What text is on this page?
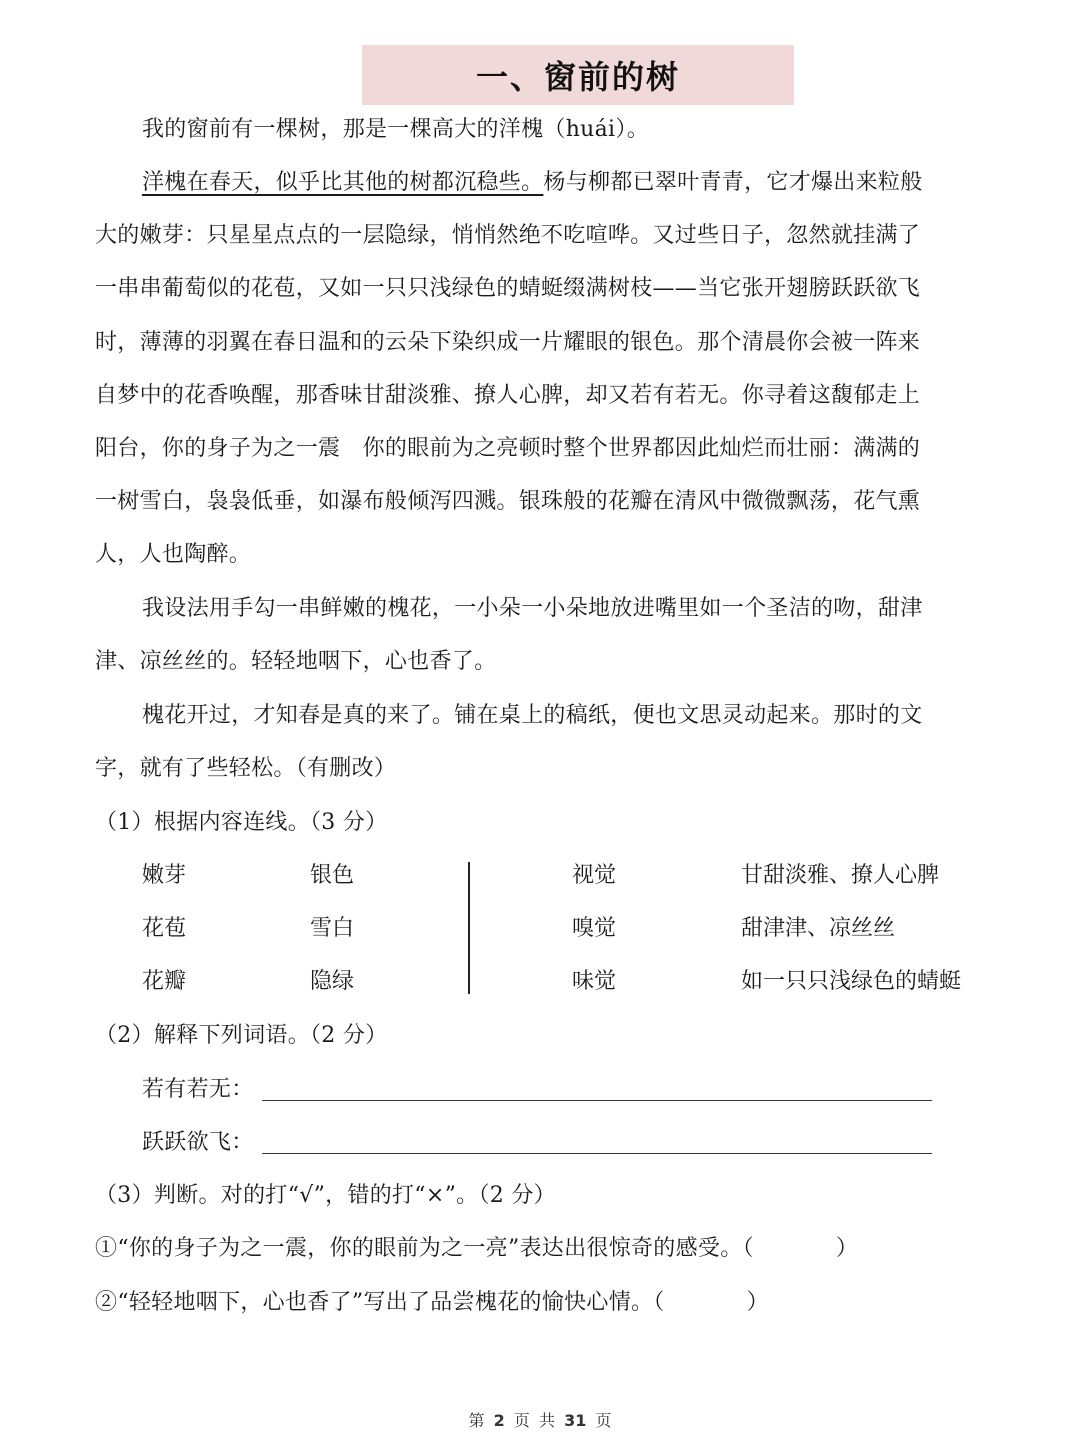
一、窗前的树
我的窗前有一棵树，那是一棵高大的洋槐（huái）。
洋槐在春天，似乎比其他的树都沉稳些。杨与柳都已翠叶青青，它才爆出来粒般
大的嫩芽：只星星点点的一层隐绿，悄悄然绝不吃喧哗。又过些日子，忽然就挂满了
一串串葡萄似的花苞，又如一只只浅绿色的蜻蜓缀满树枝——当它张开翅膀跃跃欲飞
时，薄薄的羽翼在春日温和的云朵下染织成一片耀眼的银色。那个清晨你会被一阵来
自梦中的花香唤醒，那香味甘甜淡雅、撩人心脾，却又若有若无。你寻着这馥郁走上
阳台，你的身子为之一震　你的眼前为之亮顿时整个世界都因此灿烂而壮丽：满满的
一树雪白，袅袅低垂，如瀑布般倾泻四溅。银珠般的花瓣在清风中微微飘荡，花气熏
人，人也陶醉。
我设法用手勾一串鲜嫩的槐花，一小朵一小朵地放进嘴里如一个圣洁的吻，甜津
津、凉丝丝的。轻轻地咽下，心也香了。
槐花开过，才知春是真的来了。铺在桌上的稿纸，便也文思灵动起来。那时的文
字，就有了些轻松。（有删改）
（1）根据内容连线。（3 分）
嫩芽
花苞
花瓣
银色
雪白
隐绿
视觉
嗅觉
味觉
甘甜淡雅、撩人心脾
甜津津、凉丝丝
如一只只浅绿色的蜻蜓
（2）解释下列词语。（2 分）
若有若无：
跃跃欲飞：
（3）判断。对的打“√”，错的打“×”。（2 分）
①“你的身子为之一震，你的眼前为之一亮”表达出很惊奇的感受。（	）
②“轻轻地咽下，心也香了”写出了品尝槐花的愉快心情。（	）
第 2 页 共 31 页
